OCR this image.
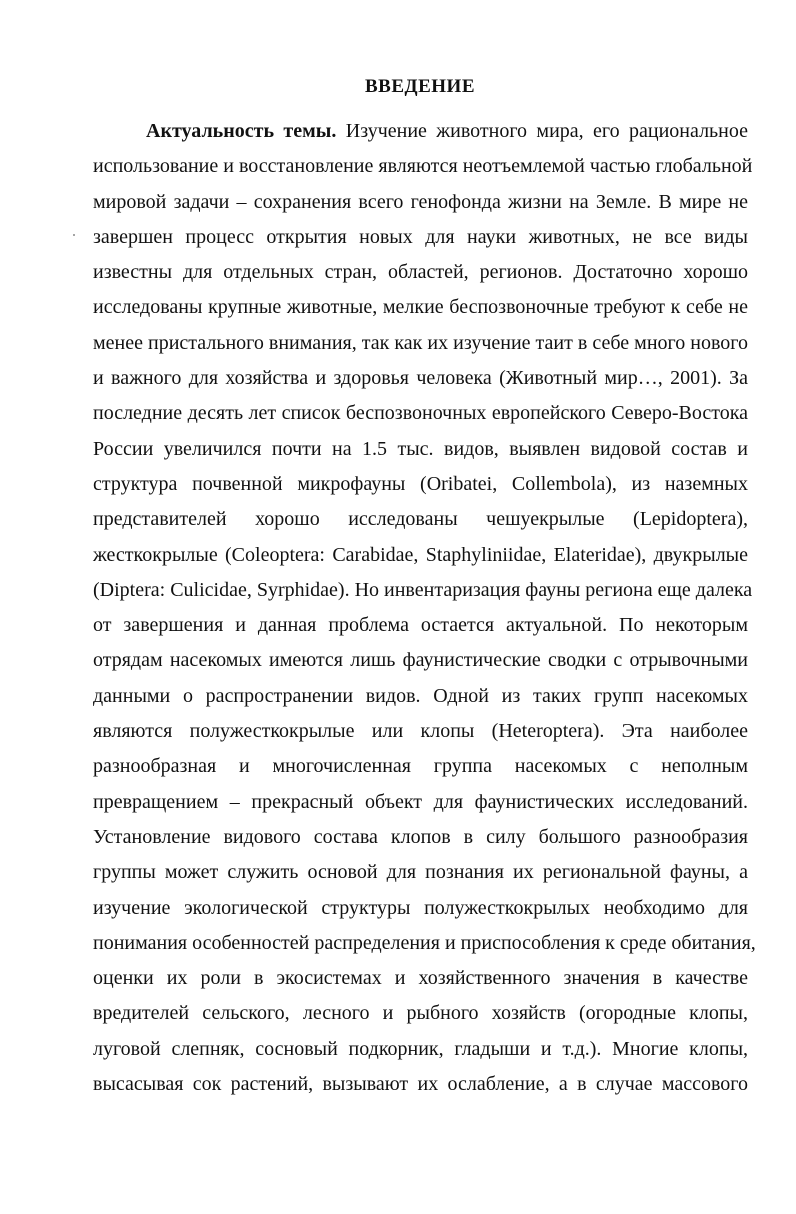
ВВЕДЕНИЕ
Актуальность темы. Изучение животного мира, его рациональное
использование и восстановление являются неотъемлемой частью глобальной
мировой задачи – сохранения всего генофонда жизни на Земле. В мире не
завершен процесс открытия новых для науки животных, не все виды
известны для отдельных стран, областей, регионов. Достаточно хорошо
исследованы крупные животные, мелкие беспозвоночные требуют к себе не
менее пристального внимания, так как их изучение таит в себе много нового
и важного для хозяйства и здоровья человека (Животный мир…, 2001). За
последние десять лет список беспозвоночных европейского Северо-Востока
России увеличился почти на 1.5 тыс. видов, выявлен видовой состав и
структура почвенной микрофауны (Oribatei, Collembola), из наземных
представителей хорошо исследованы чешуекрылые (Lepidoptera),
жесткокрылые (Coleoptera: Carabidae, Staphyliniidae, Elateridae), двукрылые
(Diptera: Culicidae, Syrphidae). Но инвентаризация фауны региона еще далека
от завершения и данная проблема остается актуальной. По некоторым
отрядам насекомых имеются лишь фаунистические сводки с отрывочными
данными о распространении видов. Одной из таких групп насекомых
являются полужесткокрылые или клопы (Heteroptera). Эта наиболее
разнообразная и многочисленная группа насекомых с неполным
превращением – прекрасный объект для фаунистических исследований.
Установление видового состава клопов в силу большого разнообразия
группы может служить основой для познания их региональной фауны, а
изучение экологической структуры полужесткокрылых необходимо для
понимания особенностей распределения и приспособления к среде обитания,
оценки их роли в экосистемах и хозяйственного значения в качестве
вредителей сельского, лесного и рыбного хозяйств (огородные клопы,
луговой слепняк, сосновый подкорник, гладыши и т.д.). Многие клопы,
высасывая сок растений, вызывают их ослабление, а в случае массового
